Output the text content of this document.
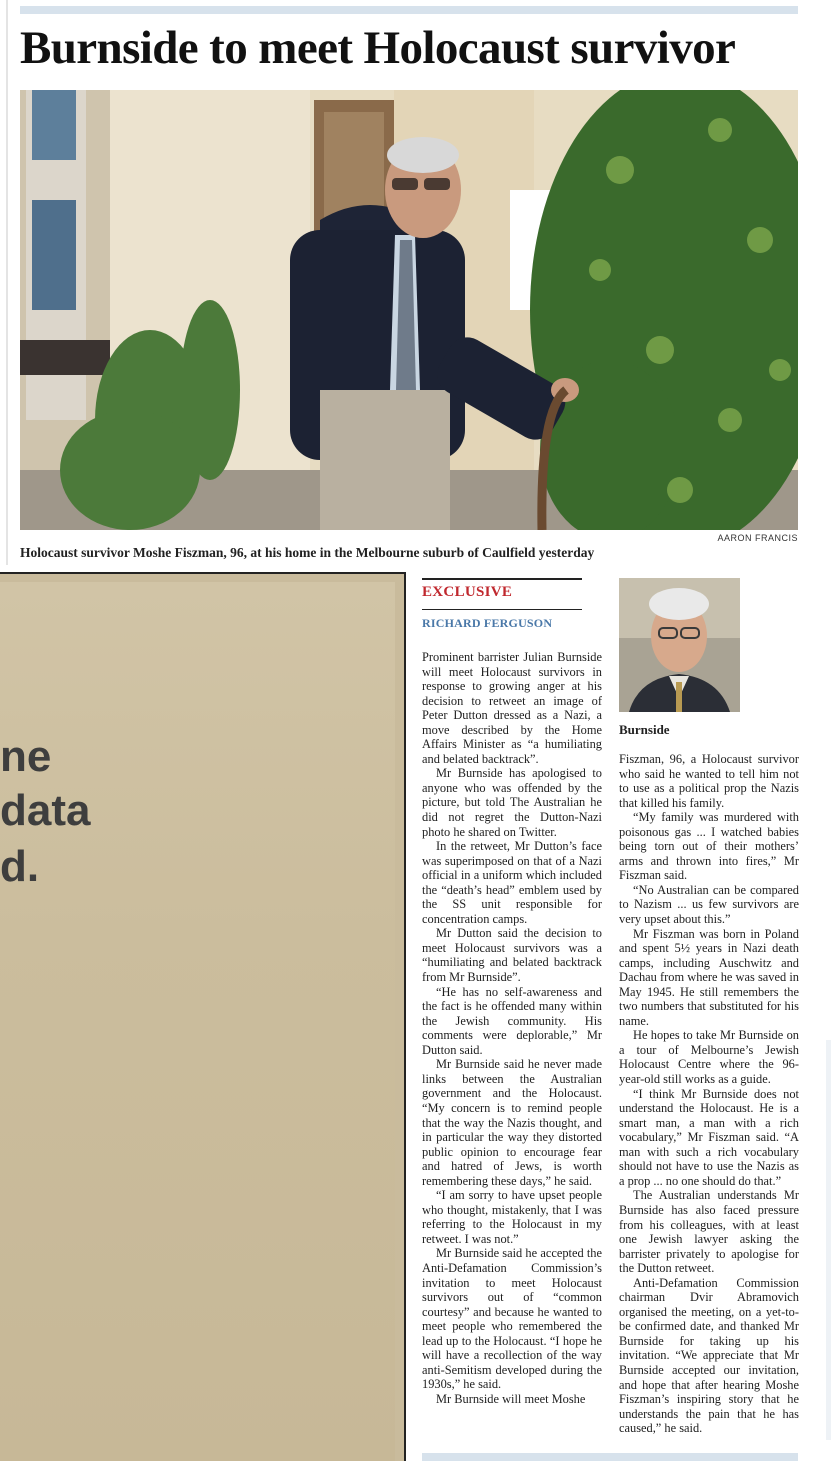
Burnside to meet Holocaust survivor
AARON FRANCIS

Holocaust survivor Moshe Fiszman, 96, at his home in the Melbourne suburb of Caulfield yesterday

ne
data
d.
EXCLUSIVE
RICHARD FERGUSON

Prominent barrister Julian Burnside will meet Holocaust survivors in response to growing anger at his decision to retweet an image of Peter Dutton dressed as a Nazi, a move described by the Home Affairs Minister as “a humiliating and belated backtrack”.

Mr Burnside has apologised to anyone who was offended by the picture, but told The Australian he did not regret the Dutton-Nazi photo he shared on Twitter.

In the retweet, Mr Dutton’s face was superimposed on that of a Nazi official in a uniform which included the “death’s head” emblem used by the SS unit responsible for concentration camps.

Mr Dutton said the decision to meet Holocaust survivors was a “humiliating and belated backtrack from Mr Burnside”.

“He has no self-awareness and the fact is he offended many within the Jewish community. His comments were deplorable,” Mr Dutton said.

Mr Burnside said he never made links between the Australian government and the Holocaust. “My concern is to remind people that the way the Nazis thought, and in particular the way they distorted public opinion to encourage fear and hatred of Jews, is worth remembering these days,” he said.

“I am sorry to have upset people who thought, mistakenly, that I was referring to the Holocaust in my retweet. I was not.”

Mr Burnside said he accepted the Anti-Defamation Commission’s invitation to meet Holocaust survivors out of “common courtesy” and because he wanted to meet people who remembered the lead up to the Holocaust. “I hope he will have a recollection of the way anti-Semitism developed during the 1930s,” he said.

Mr Burnside will meet Moshe

Burnside

Fiszman, 96, a Holocaust survivor who said he wanted to tell him not to use as a political prop the Nazis that killed his family.

“My family was murdered with poisonous gas ... I watched babies being torn out of their mothers’ arms and thrown into fires,” Mr Fiszman said.

“No Australian can be compared to Nazism ... us few survivors are very upset about this.”

Mr Fiszman was born in Poland and spent 5½ years in Nazi death camps, including Auschwitz and Dachau from where he was saved in May 1945. He still remembers the two numbers that substituted for his name.

He hopes to take Mr Burnside on a tour of Melbourne’s Jewish Holocaust Centre where the 96-year-old still works as a guide.

“I think Mr Burnside does not understand the Holocaust. He is a smart man, a man with a rich vocabulary,” Mr Fiszman said. “A man with such a rich vocabulary should not have to use the Nazis as a prop ... no one should do that.”

The Australian understands Mr Burnside has also faced pressure from his colleagues, with at least one Jewish lawyer asking the barrister privately to apologise for the Dutton retweet.

Anti-Defamation Commission chairman Dvir Abramovich organised the meeting, on a yet-to-be confirmed date, and thanked Mr Burnside for taking up his invitation. “We appreciate that Mr Burnside accepted our invitation, and hope that after hearing Moshe Fiszman’s inspiring story that he understands the pain that he has caused,” he said.
